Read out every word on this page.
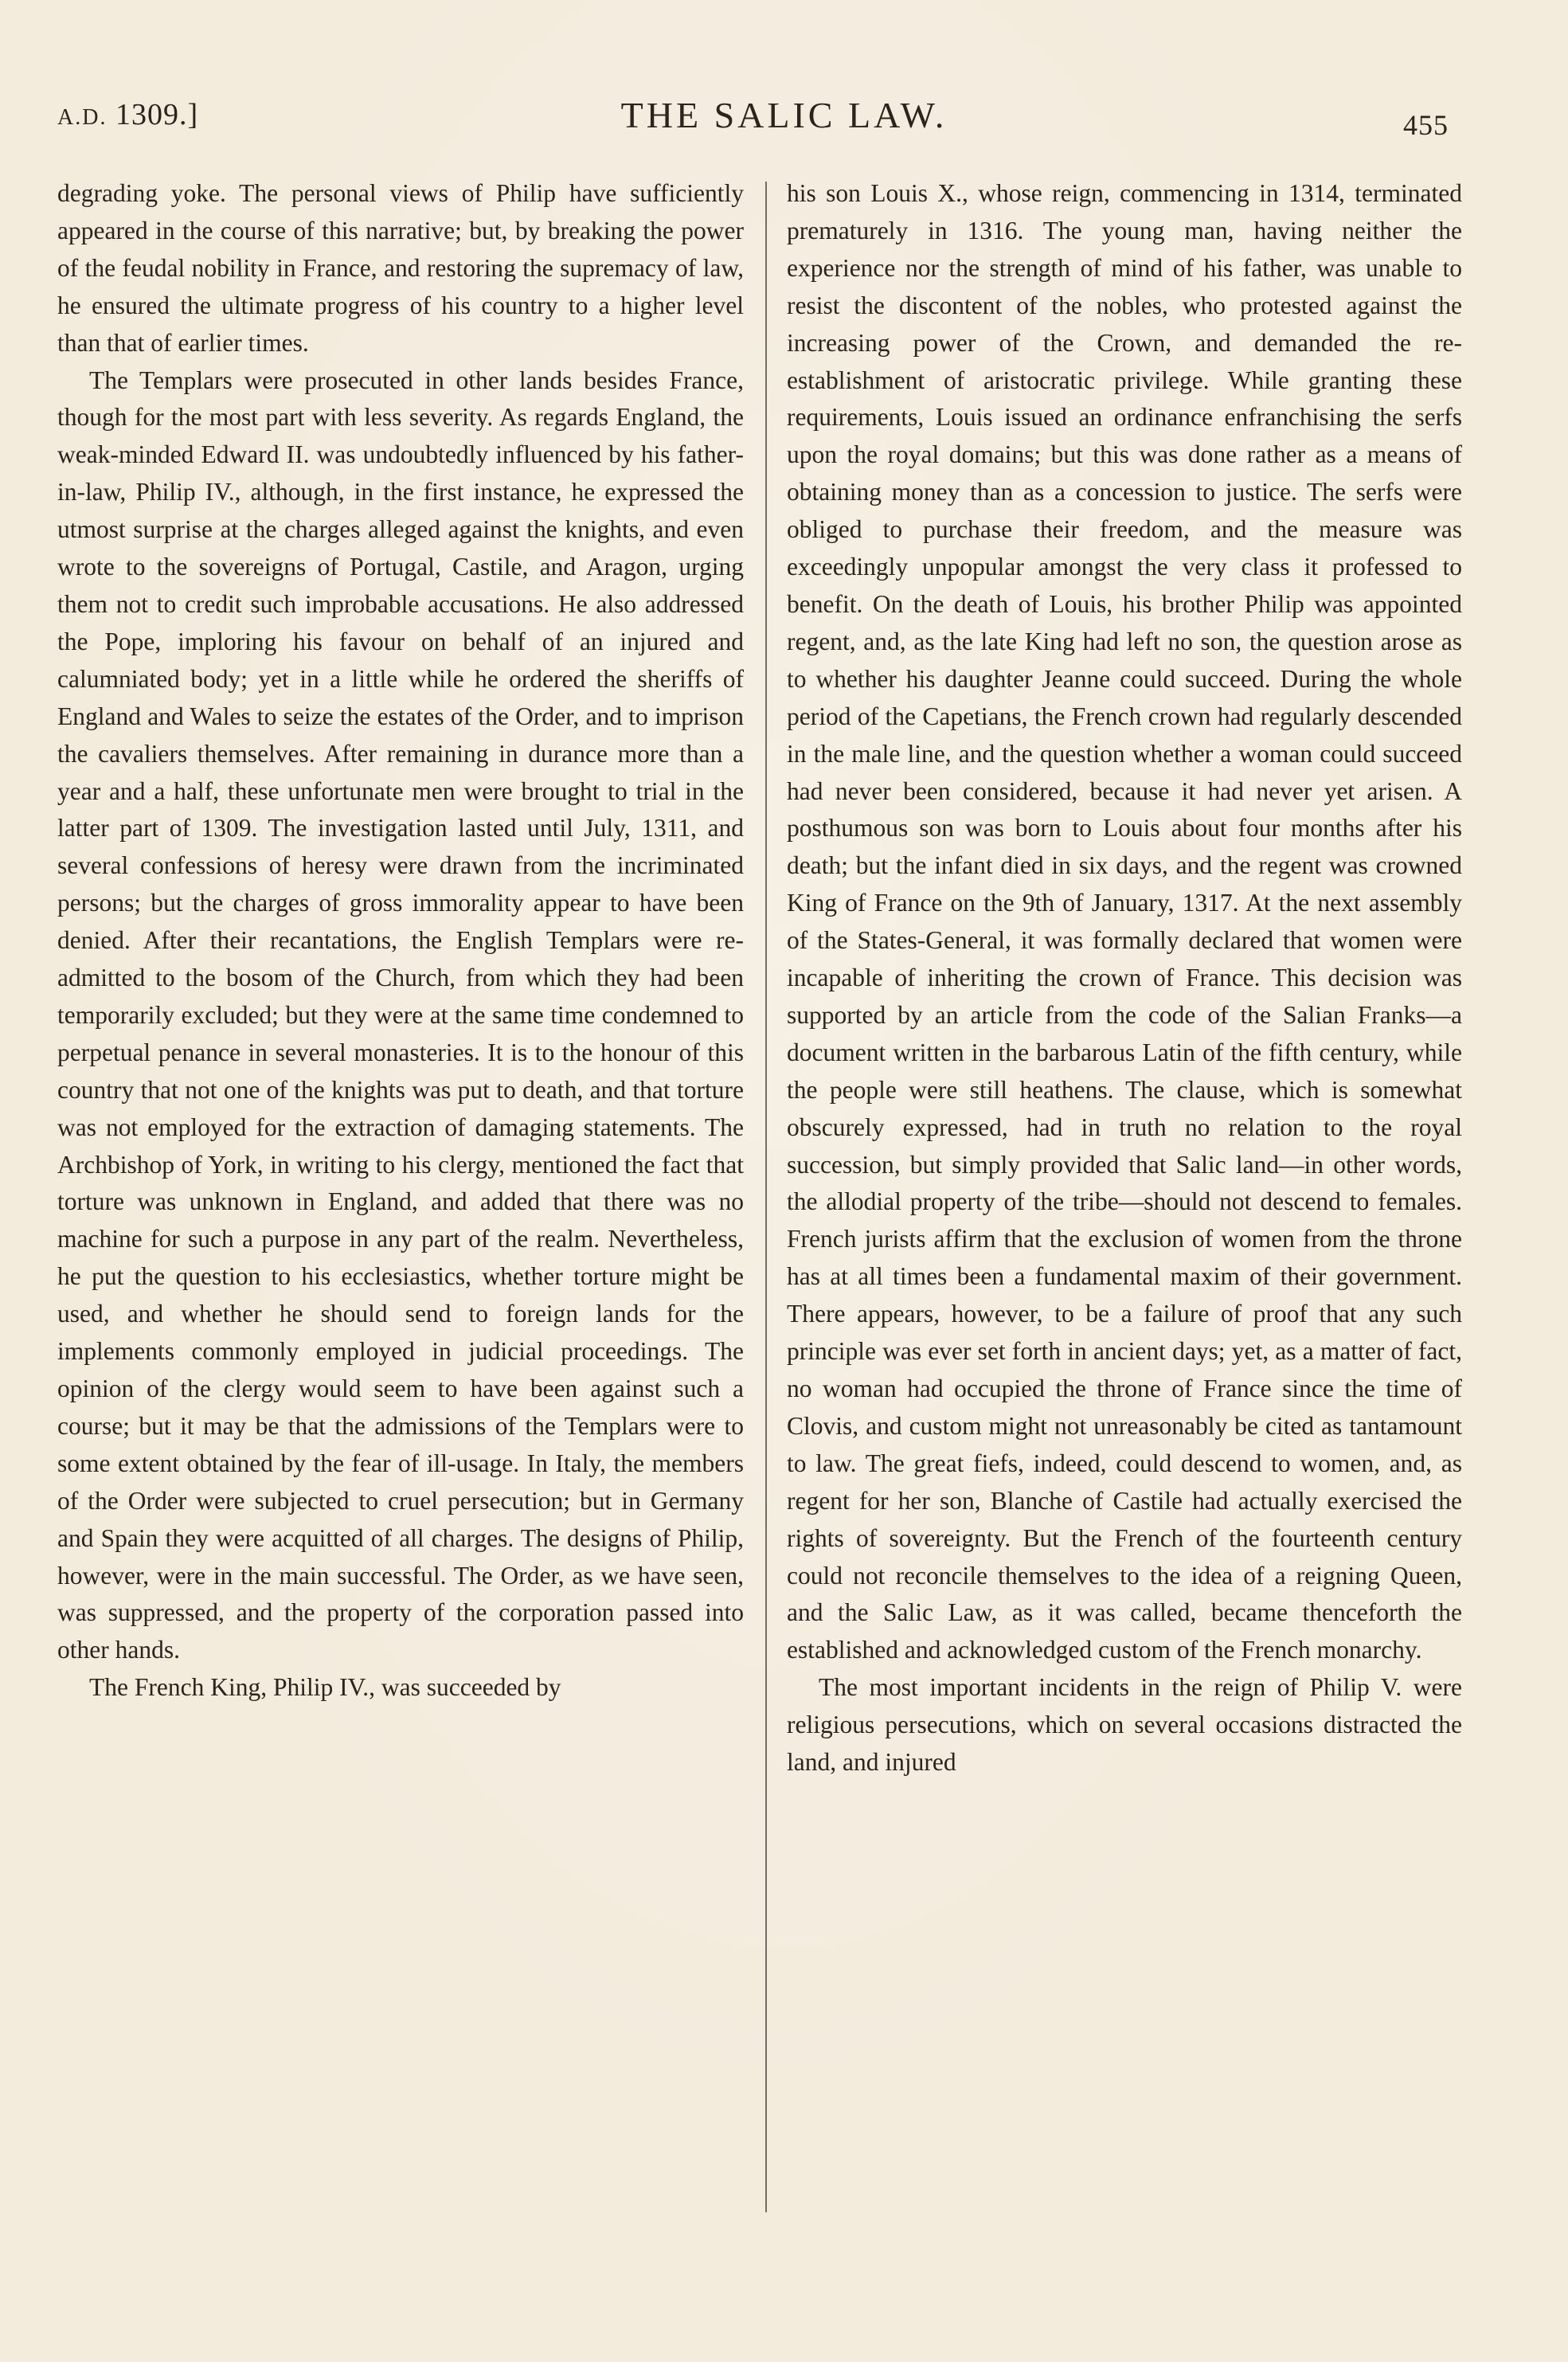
A.D. 1309.]	THE SALIC LAW.	455

degrading yoke. The personal views of Philip have sufficiently appeared in the course of this narrative; but, by breaking the power of the feudal nobility in France, and restoring the supremacy of law, he ensured the ultimate progress of his country to a higher level than that of earlier times.

The Templars were prosecuted in other lands besides France, though for the most part with less severity. As regards England, the weak-minded Edward II. was undoubtedly influenced by his father-in-law, Philip IV., although, in the first instance, he expressed the utmost surprise at the charges alleged against the knights, and even wrote to the sovereigns of Portugal, Castile, and Aragon, urging them not to credit such improbable accusations. He also addressed the Pope, imploring his favour on behalf of an injured and calumniated body; yet in a little while he ordered the sheriffs of England and Wales to seize the estates of the Order, and to imprison the cavaliers themselves. After remaining in durance more than a year and a half, these unfortunate men were brought to trial in the latter part of 1309. The investigation lasted until July, 1311, and several confessions of heresy were drawn from the incriminated persons; but the charges of gross immorality appear to have been denied. After their recantations, the English Templars were re-admitted to the bosom of the Church, from which they had been temporarily excluded; but they were at the same time condemned to perpetual penance in several monasteries. It is to the honour of this country that not one of the knights was put to death, and that torture was not employed for the extraction of damaging statements. The Archbishop of York, in writing to his clergy, mentioned the fact that torture was unknown in England, and added that there was no machine for such a purpose in any part of the realm. Nevertheless, he put the question to his ecclesiastics, whether torture might be used, and whether he should send to foreign lands for the implements commonly employed in judicial proceedings. The opinion of the clergy would seem to have been against such a course; but it may be that the admissions of the Templars were to some extent obtained by the fear of ill-usage. In Italy, the members of the Order were subjected to cruel persecution; but in Germany and Spain they were acquitted of all charges. The designs of Philip, however, were in the main successful. The Order, as we have seen, was suppressed, and the property of the corporation passed into other hands.

The French King, Philip IV., was succeeded by

his son Louis X., whose reign, commencing in 1314, terminated prematurely in 1316. The young man, having neither the experience nor the strength of mind of his father, was unable to resist the discontent of the nobles, who protested against the increasing power of the Crown, and demanded the re-establishment of aristocratic privilege. While granting these requirements, Louis issued an ordinance enfranchising the serfs upon the royal domains; but this was done rather as a means of obtaining money than as a concession to justice. The serfs were obliged to purchase their freedom, and the measure was exceedingly unpopular amongst the very class it professed to benefit. On the death of Louis, his brother Philip was appointed regent, and, as the late King had left no son, the question arose as to whether his daughter Jeanne could succeed. During the whole period of the Capetians, the French crown had regularly descended in the male line, and the question whether a woman could succeed had never been considered, because it had never yet arisen. A posthumous son was born to Louis about four months after his death; but the infant died in six days, and the regent was crowned King of France on the 9th of January, 1317. At the next assembly of the States-General, it was formally declared that women were incapable of inheriting the crown of France. This decision was supported by an article from the code of the Salian Franks—a document written in the barbarous Latin of the fifth century, while the people were still heathens. The clause, which is somewhat obscurely expressed, had in truth no relation to the royal succession, but simply provided that Salic land—in other words, the allodial property of the tribe—should not descend to females. French jurists affirm that the exclusion of women from the throne has at all times been a fundamental maxim of their government. There appears, however, to be a failure of proof that any such principle was ever set forth in ancient days; yet, as a matter of fact, no woman had occupied the throne of France since the time of Clovis, and custom might not unreasonably be cited as tantamount to law. The great fiefs, indeed, could descend to women, and, as regent for her son, Blanche of Castile had actually exercised the rights of sovereignty. But the French of the fourteenth century could not reconcile themselves to the idea of a reigning Queen, and the Salic Law, as it was called, became thenceforth the established and acknowledged custom of the French monarchy.

The most important incidents in the reign of Philip V. were religious persecutions, which on several occasions distracted the land, and injured
